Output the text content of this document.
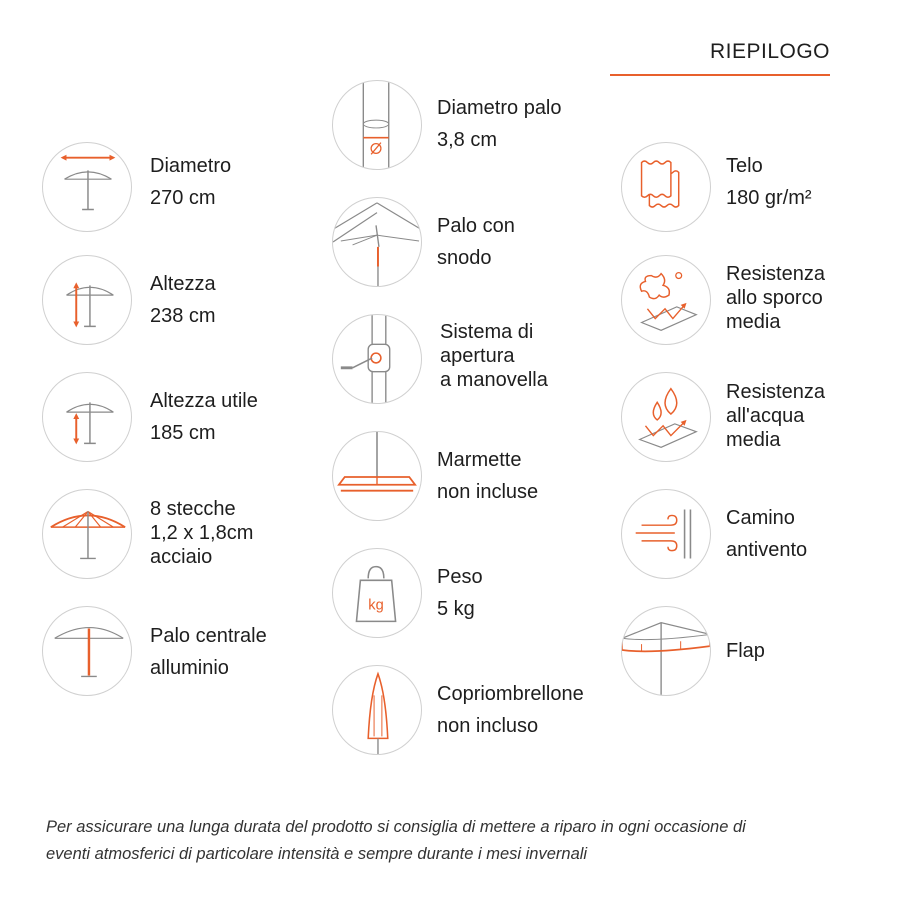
RIEPILOGO
Diametro
270 cm
Altezza
238 cm
Altezza utile
185 cm
8 stecche
1,2 x 1,8cm
acciaio
Palo centrale
alluminio
Diametro palo
3,8 cm
Palo con
snodo
Sistema di
apertura
a manovella
Marmette
non incluse
kg
Peso
5 kg
Copriombrellone
non incluso
Telo
180 gr/m²
Resistenza
allo sporco
media
Resistenza
all'acqua
media
Camino
antivento
Flap
Per assicurare una lunga durata del prodotto si consiglia di mettere a riparo in ogni occasione di
eventi atmosferici di particolare intensità e sempre durante i mesi invernali
